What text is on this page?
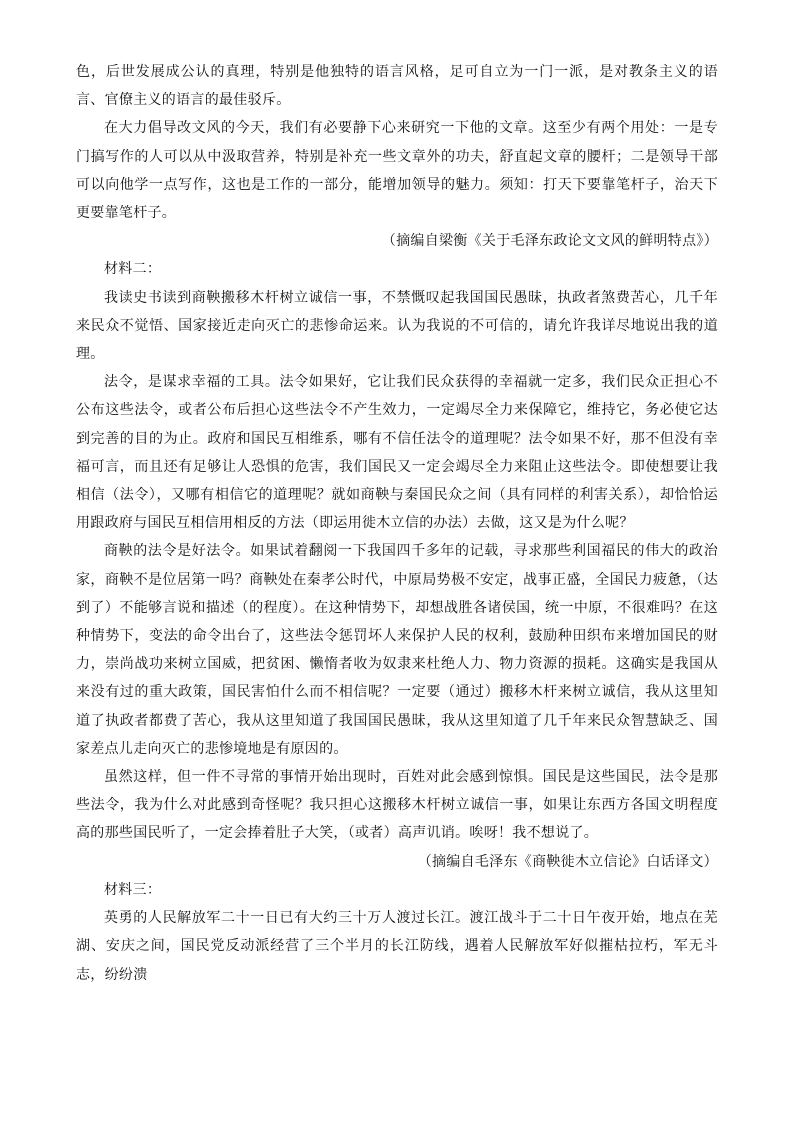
色，后世发展成公认的真理，特别是他独特的语言风格，足可自立为一门一派，是对教条主义的语言、官僚主义的语言的最佳驳斥。

在大力倡导改文风的今天，我们有必要静下心来研究一下他的文章。这至少有两个用处：一是专门搞写作的人可以从中汲取营养，特别是补充一些文章外的功夫，舒直起文章的腰杆；二是领导干部可以向他学一点写作，这也是工作的一部分，能增加领导的魅力。须知：打天下要靠笔杆子，治天下更要靠笔杆子。

（摘编自梁衡《关于毛泽东政论文文风的鲜明特点》）

材料二：

我读史书读到商鞅搬移木杆树立诚信一事，不禁慨叹起我国国民愚昧，执政者煞费苦心，几千年来民众不觉悟、国家接近走向灭亡的悲惨命运来。认为我说的不可信的，请允许我详尽地说出我的道理。

法令，是谋求幸福的工具。法令如果好，它让我们民众获得的幸福就一定多，我们民众正担心不公布这些法令，或者公布后担心这些法令不产生效力，一定竭尽全力来保障它，维持它，务必使它达到完善的目的为止。政府和国民互相维系，哪有不信任法令的道理呢？法令如果不好，那不但没有幸福可言，而且还有足够让人恐惧的危害，我们国民又一定会竭尽全力来阻止这些法令。即使想要让我相信（法令），又哪有相信它的道理呢？就如商鞅与秦国民众之间（具有同样的利害关系），却恰恰运用跟政府与国民互相信用相反的方法（即运用徙木立信的办法）去做，这又是为什么呢？

商鞅的法令是好法令。如果试着翻阅一下我国四千多年的记载，寻求那些利国福民的伟大的政治家，商鞅不是位居第一吗？商鞅处在秦孝公时代，中原局势极不安定，战事正盛，全国民力疲惫，（达到了）不能够言说和描述（的程度）。在这种情势下，却想战胜各诸侯国，统一中原，不很难吗？在这种情势下，变法的命令出台了，这些法令惩罚坏人来保护人民的权利，鼓励种田织布来增加国民的财力，崇尚战功来树立国威，把贫困、懒惰者收为奴隶来杜绝人力、物力资源的损耗。这确实是我国从来没有过的重大政策，国民害怕什么而不相信呢？一定要（通过）搬移木杆来树立诚信，我从这里知道了执政者都费了苦心，我从这里知道了我国国民愚昧，我从这里知道了几千年来民众智慧缺乏、国家差点儿走向灭亡的悲惨境地是有原因的。

虽然这样，但一件不寻常的事情开始出现时，百姓对此会感到惊惧。国民是这些国民，法令是那些法令，我为什么对此感到奇怪呢？我只担心这搬移木杆树立诚信一事，如果让东西方各国文明程度高的那些国民听了，一定会捧着肚子大笑，（或者）高声讥诮。唉呀！我不想说了。

（摘编自毛泽东《商鞅徙木立信论》白话译文）

材料三：

英勇的人民解放军二十一日已有大约三十万人渡过长江。渡江战斗于二十日午夜开始，地点在芜湖、安庆之间，国民党反动派经营了三个半月的长江防线，遇着人民解放军好似摧枯拉朽，军无斗志，纷纷溃
